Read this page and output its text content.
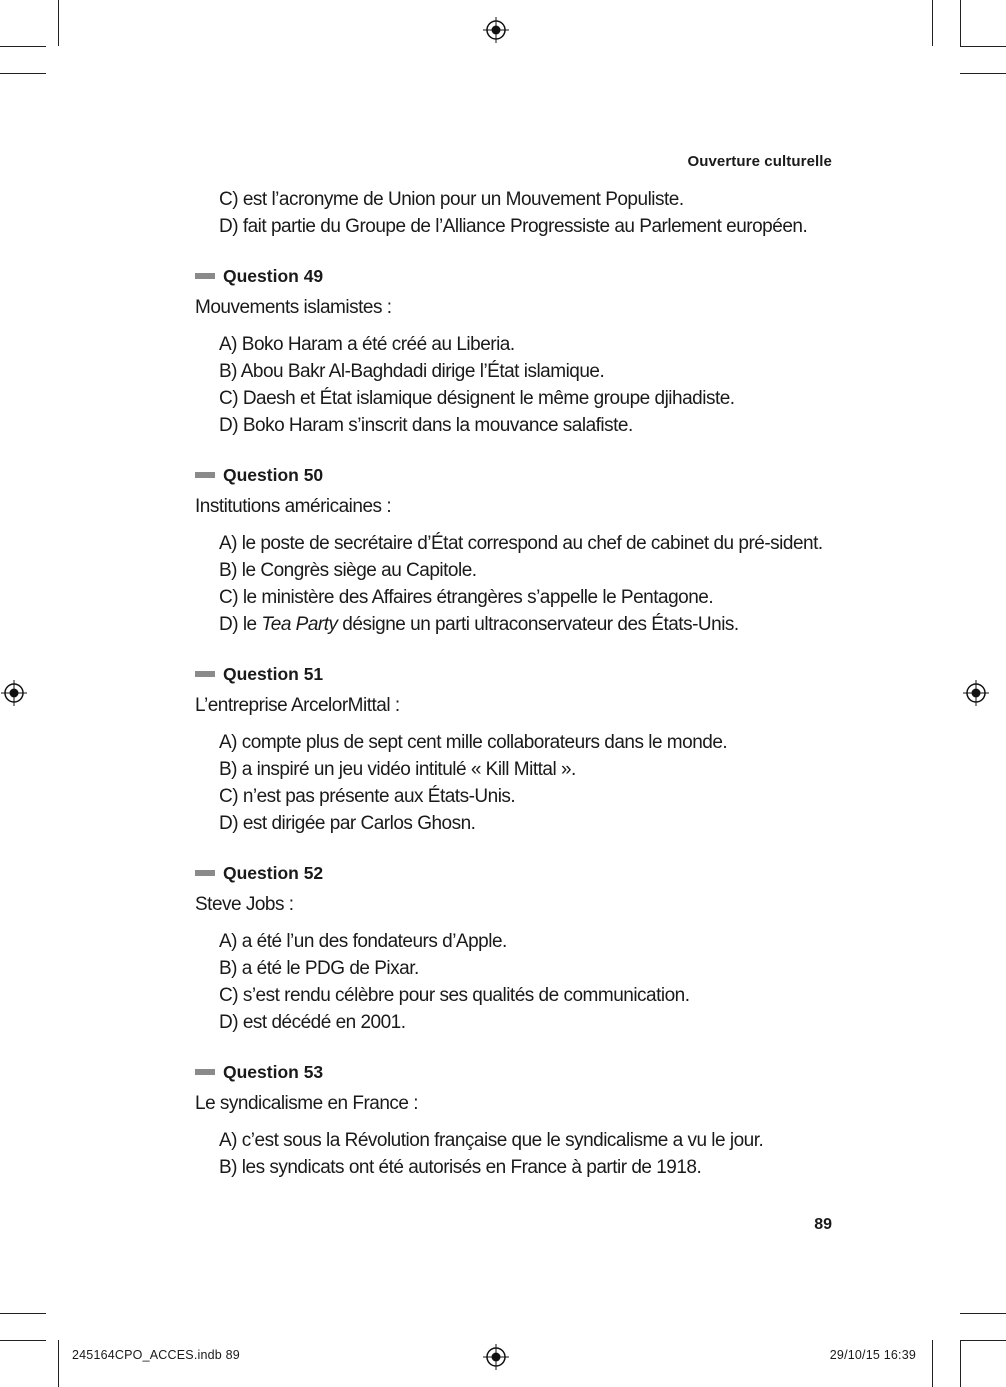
Ouverture culturelle

C) est l’acronyme de Union pour un Mouvement Populiste.

D) fait partie du Groupe de l’Alliance Progressiste au Parlement européen.

Question 49
Mouvements islamistes :

A) Boko Haram a été créé au Liberia.

B) Abou Bakr Al-Baghdadi dirige l’État islamique.

C) Daesh et État islamique désignent le même groupe djihadiste.

D) Boko Haram s’inscrit dans la mouvance salafiste.

Question 50
Institutions américaines :

A) le poste de secrétaire d’État correspond au chef de cabinet du pré-sident.

B) le Congrès siège au Capitole.

C) le ministère des Affaires étrangères s’appelle le Pentagone.

D) le Tea Party désigne un parti ultraconservateur des États-Unis.

Question 51
L’entreprise ArcelorMittal :

A) compte plus de sept cent mille collaborateurs dans le monde.

B) a inspiré un jeu vidéo intitulé « Kill Mittal ».

C) n’est pas présente aux États-Unis.

D) est dirigée par Carlos Ghosn.

Question 52
Steve Jobs :

A) a été l’un des fondateurs d’Apple.

B) a été le PDG de Pixar.

C) s’est rendu célèbre pour ses qualités de communication.

D) est décédé en 2001.

Question 53
Le syndicalisme en France :

A) c’est sous la Révolution française que le syndicalisme a vu le jour.

B) les syndicats ont été autorisés en France à partir de 1918.

89
245164CPO_ACCES.indb 89	29/10/15 16:39
